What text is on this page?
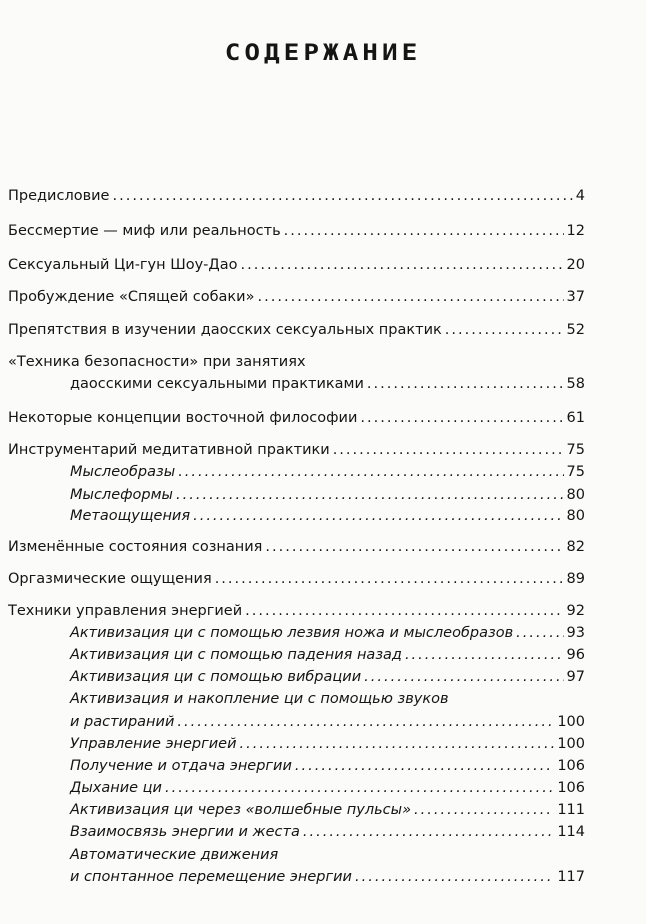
СОДЕРЖАНИЕ
Предисловие . . .	4
Бессмертие — миф или реальность . . .	12
Сексуальный Ци-гун Шоу-Дао . . .	20
Пробуждение «Спящей собаки» . . .	37
Препятствия в изучении даосских сексуальных практик . . .	52
«Техника безопасности» при занятиях
даосскими сексуальными практиками . . .	58
Некоторые концепции восточной философии . . .	61
Инструментарий медитативной практики . . .	75
Мыслеобразы . . .	75
Мыслеформы . . .	80
Метаощущения . . .	80
Изменённые состояния сознания . . .	82
Оргазмические ощущения . . .	89
Техники управления энергией . . .	92
Активизация ци с помощью лезвия ножа и мыслеобразов . . .	93
Активизация ци с помощью падения назад . . .	96
Активизация ци с помощью вибрации . . .	97
Активизация и накопление ци с помощью звуков
и растираний . . .	100
Управление энергией . . .	100
Получение и отдача энергии . . .	106
Дыхание ци . . .	106
Активизация ци через «волшебные пульсы» . . .	111
Взаимосвязь энергии и жеста . . .	114
Автоматические движения
и спонтанное перемещение энергии . . .	117
